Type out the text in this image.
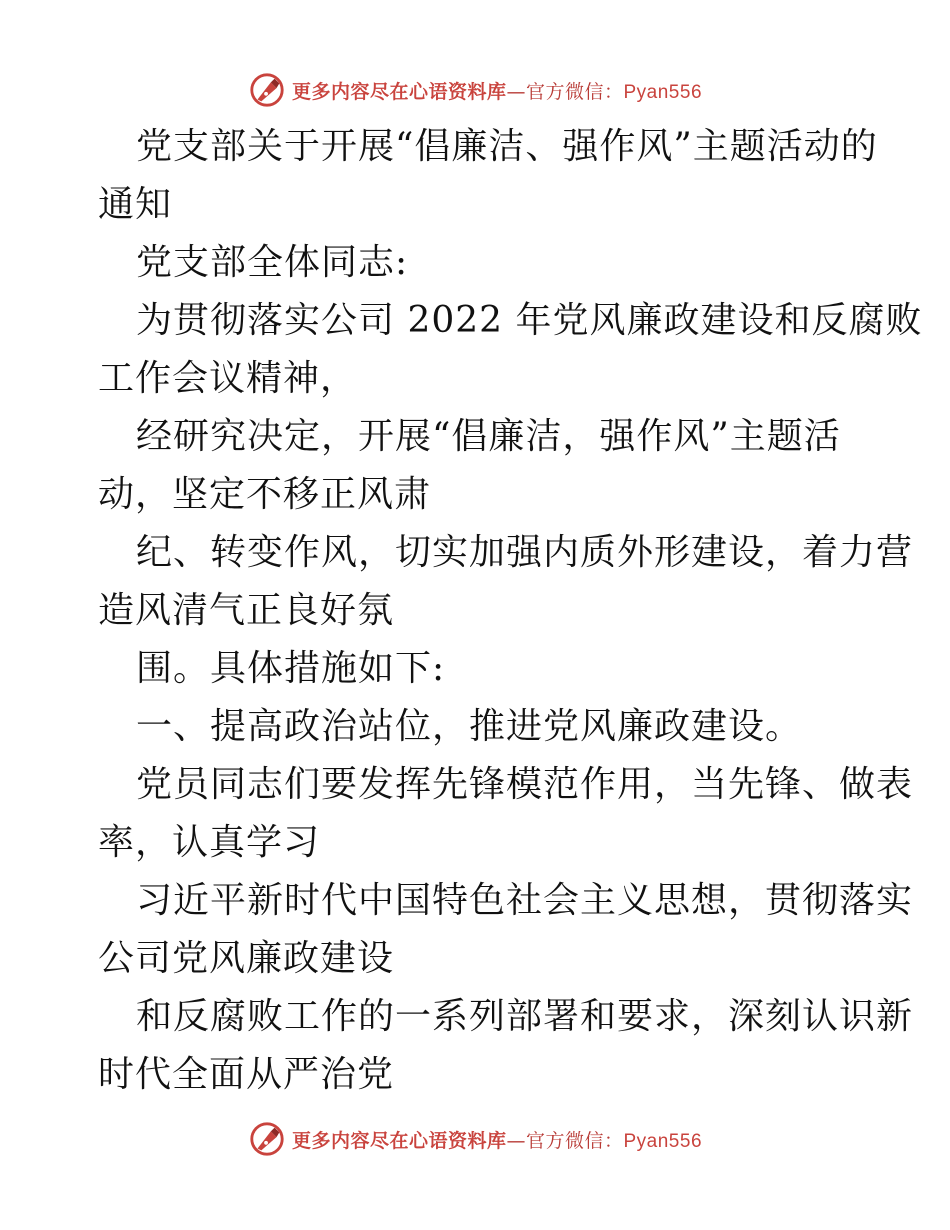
更多内容尽在心语资料库—官方微信：Pyan556
党支部关于开展“倡廉洁、强作风”主题活动的
通知
党支部全体同志:
为贯彻落实公司 2022 年党风廉政建设和反腐败
工作会议精神，
经研究决定，开展“倡廉洁，强作风”主题活
动，坚定不移正风肃
纪、转变作风，切实加强内质外形建设，着力营
造风清气正良好氛
围。具体措施如下:
一、提高政治站位，推进党风廉政建设。
党员同志们要发挥先锋模范作用，当先锋、做表
率，认真学习
习近平新时代中国特色社会主义思想，贯彻落实
公司党风廉政建设
和反腐败工作的一系列部署和要求，深刻认识新
时代全面从严治党
更多内容尽在心语资料库—官方微信：Pyan556
